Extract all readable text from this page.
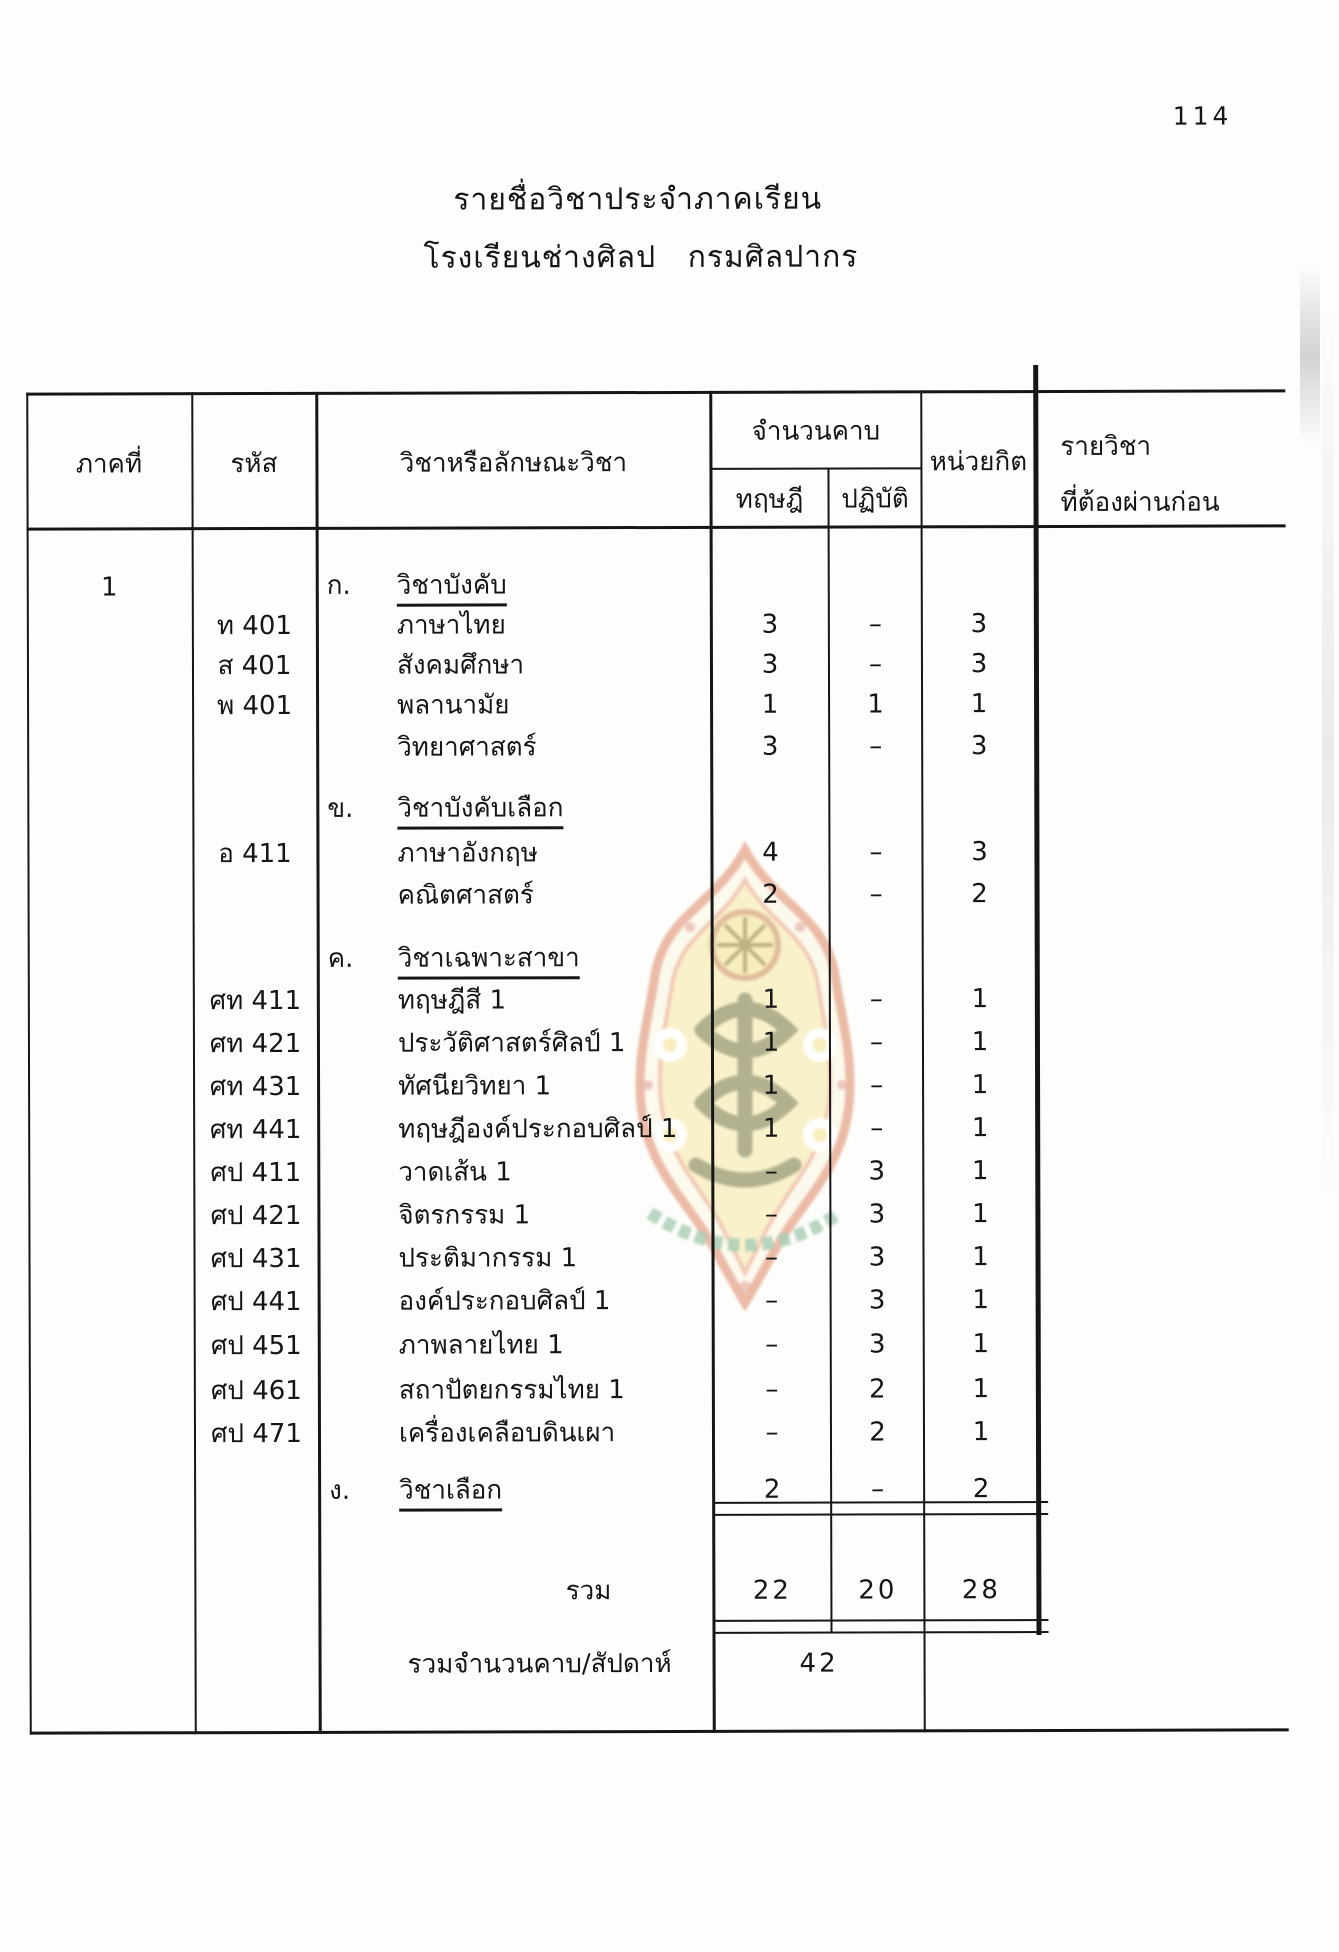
114
รายชื่อวิชาประจำภาคเรียน
โรงเรียนช่างศิลป   กรมศิลปากร
ภาคที่	รหัส	วิชาหรือลักษณะวิชา
จำนวนคาบ
ทฤษฎี	ปฏิบัติ
หน่วยกิต
รายวิชา
ที่ต้องผ่านก่อน
1	ก.	วิชาบังคับ
ท 401	ภาษาไทย	3	–	3
ส 401	สังคมศึกษา	3	–	3
พ 401	พลานามัย	1	1	1
วิทยาศาสตร์	3	–	3
ข.	วิชาบังคับเลือก
อ 411	ภาษาอังกฤษ	4	–	3
คณิตศาสตร์	2	–	2
ค.	วิชาเฉพาะสาขา
ศท 411	ทฤษฎีสี 1	1	–	1
ศท 421	ประวัติศาสตร์ศิลป์ 1	1	–	1
ศท 431	ทัศนียวิทยา 1	1	–	1
ศท 441	ทฤษฎีองค์ประกอบศิลป์ 1	1	–	1
ศป 411	วาดเส้น 1	–	3	1
ศป 421	จิตรกรรม 1	–	3	1
ศป 431	ประติมากรรม 1	–	3	1
ศป 441	องค์ประกอบศิลป์ 1	–	3	1
ศป 451	ภาพลายไทย 1	–	3	1
ศป 461	สถาปัตยกรรมไทย 1	–	2	1
ศป 471	เครื่องเคลือบดินเผา	–	2	1
ง.	วิชาเลือก	2	–	2
รวม	22	20	28
รวมจำนวนคาบ/สัปดาห์	42
